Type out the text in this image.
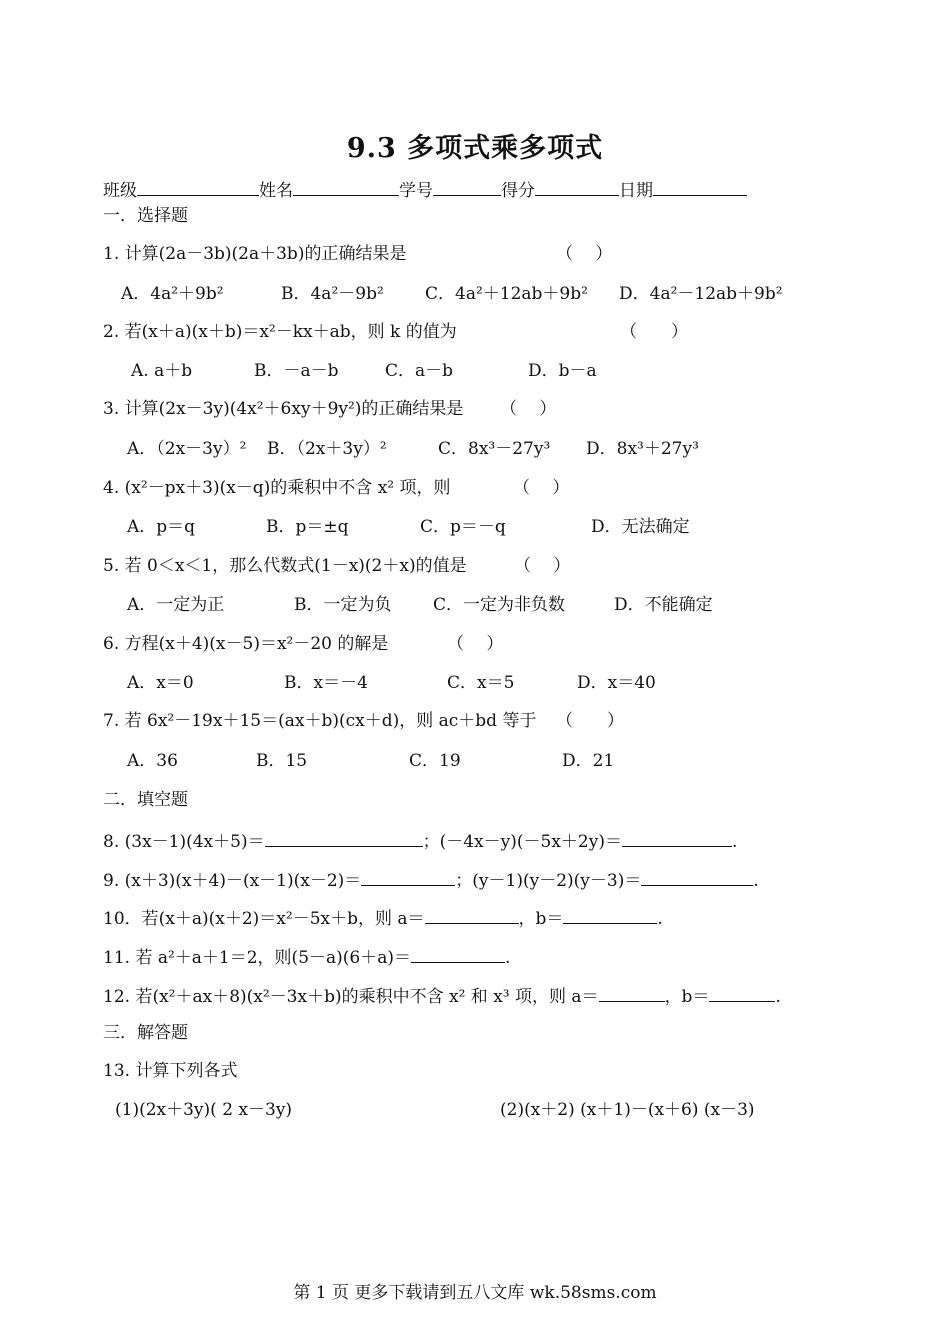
9.3 多项式乘多项式
班级	姓名	学号	得分	日期
一．选择题
1. 计算(2a－3b)(2a＋3b)的正确结果是	（　 ）
A．4a²＋9b²	B．4a²－9b² C．4a²＋12ab＋9b² D．4a²－12ab＋9b²
2. 若(x＋a)(x＋b)＝x²－kx＋ab，则 k 的值为	（　　）
A. a＋b	B．－a－b	C．a－b	D．b－a
3. 计算(2x－3y)(4x²＋6xy＋9y²)的正确结果是 （　 ）
A．（2x－3y）² B．（2x＋3y）²	C．8x³－27y³ D．8x³＋27y³
4. (x²－px＋3)(x－q)的乘积中不含 x² 项，则	（　 ）
A．p＝q	B．p＝±q	C．p＝－q	D．无法确定
5. 若 0＜x＜1，那么代数式(1－x)(2＋x)的值是	（　 ）
A．一定为正	B．一定为负 C．一定为非负数	D．不能确定
6. 方程(x＋4)(x－5)＝x²－20 的解是	（　 ）
A．x＝0	B．x＝－4	C．x＝5	D．x＝40
7. 若 6x²－19x＋15＝(ax＋b)(cx＋d)，则 ac＋bd 等于 （　　）
A．36	B．15	C．19	D．21
二．填空题
8. (3x－1)(4x＋5)＝	；(－4x－y)(－5x＋2y)＝	.
9. (x＋3)(x＋4)－(x－1)(x－2)＝	；(y－1)(y－2)(y－3)＝	.
10．若(x＋a)(x＋2)＝x²－5x＋b，则 a＝	，b＝	.
11. 若 a²＋a＋1＝2，则(5－a)(6＋a)＝	.
12. 若(x²＋ax＋8)(x²－3x＋b)的乘积中不含 x² 和 x³ 项，则 a＝	，b＝	.
三．解答题
13. 计算下列各式
(1)(2x＋3y)( 2 x－3y)	(2)(x＋2) (x＋1)－(x＋6) (x－3)
第 1 页 更多下载请到五八文库 wk.58sms.com
